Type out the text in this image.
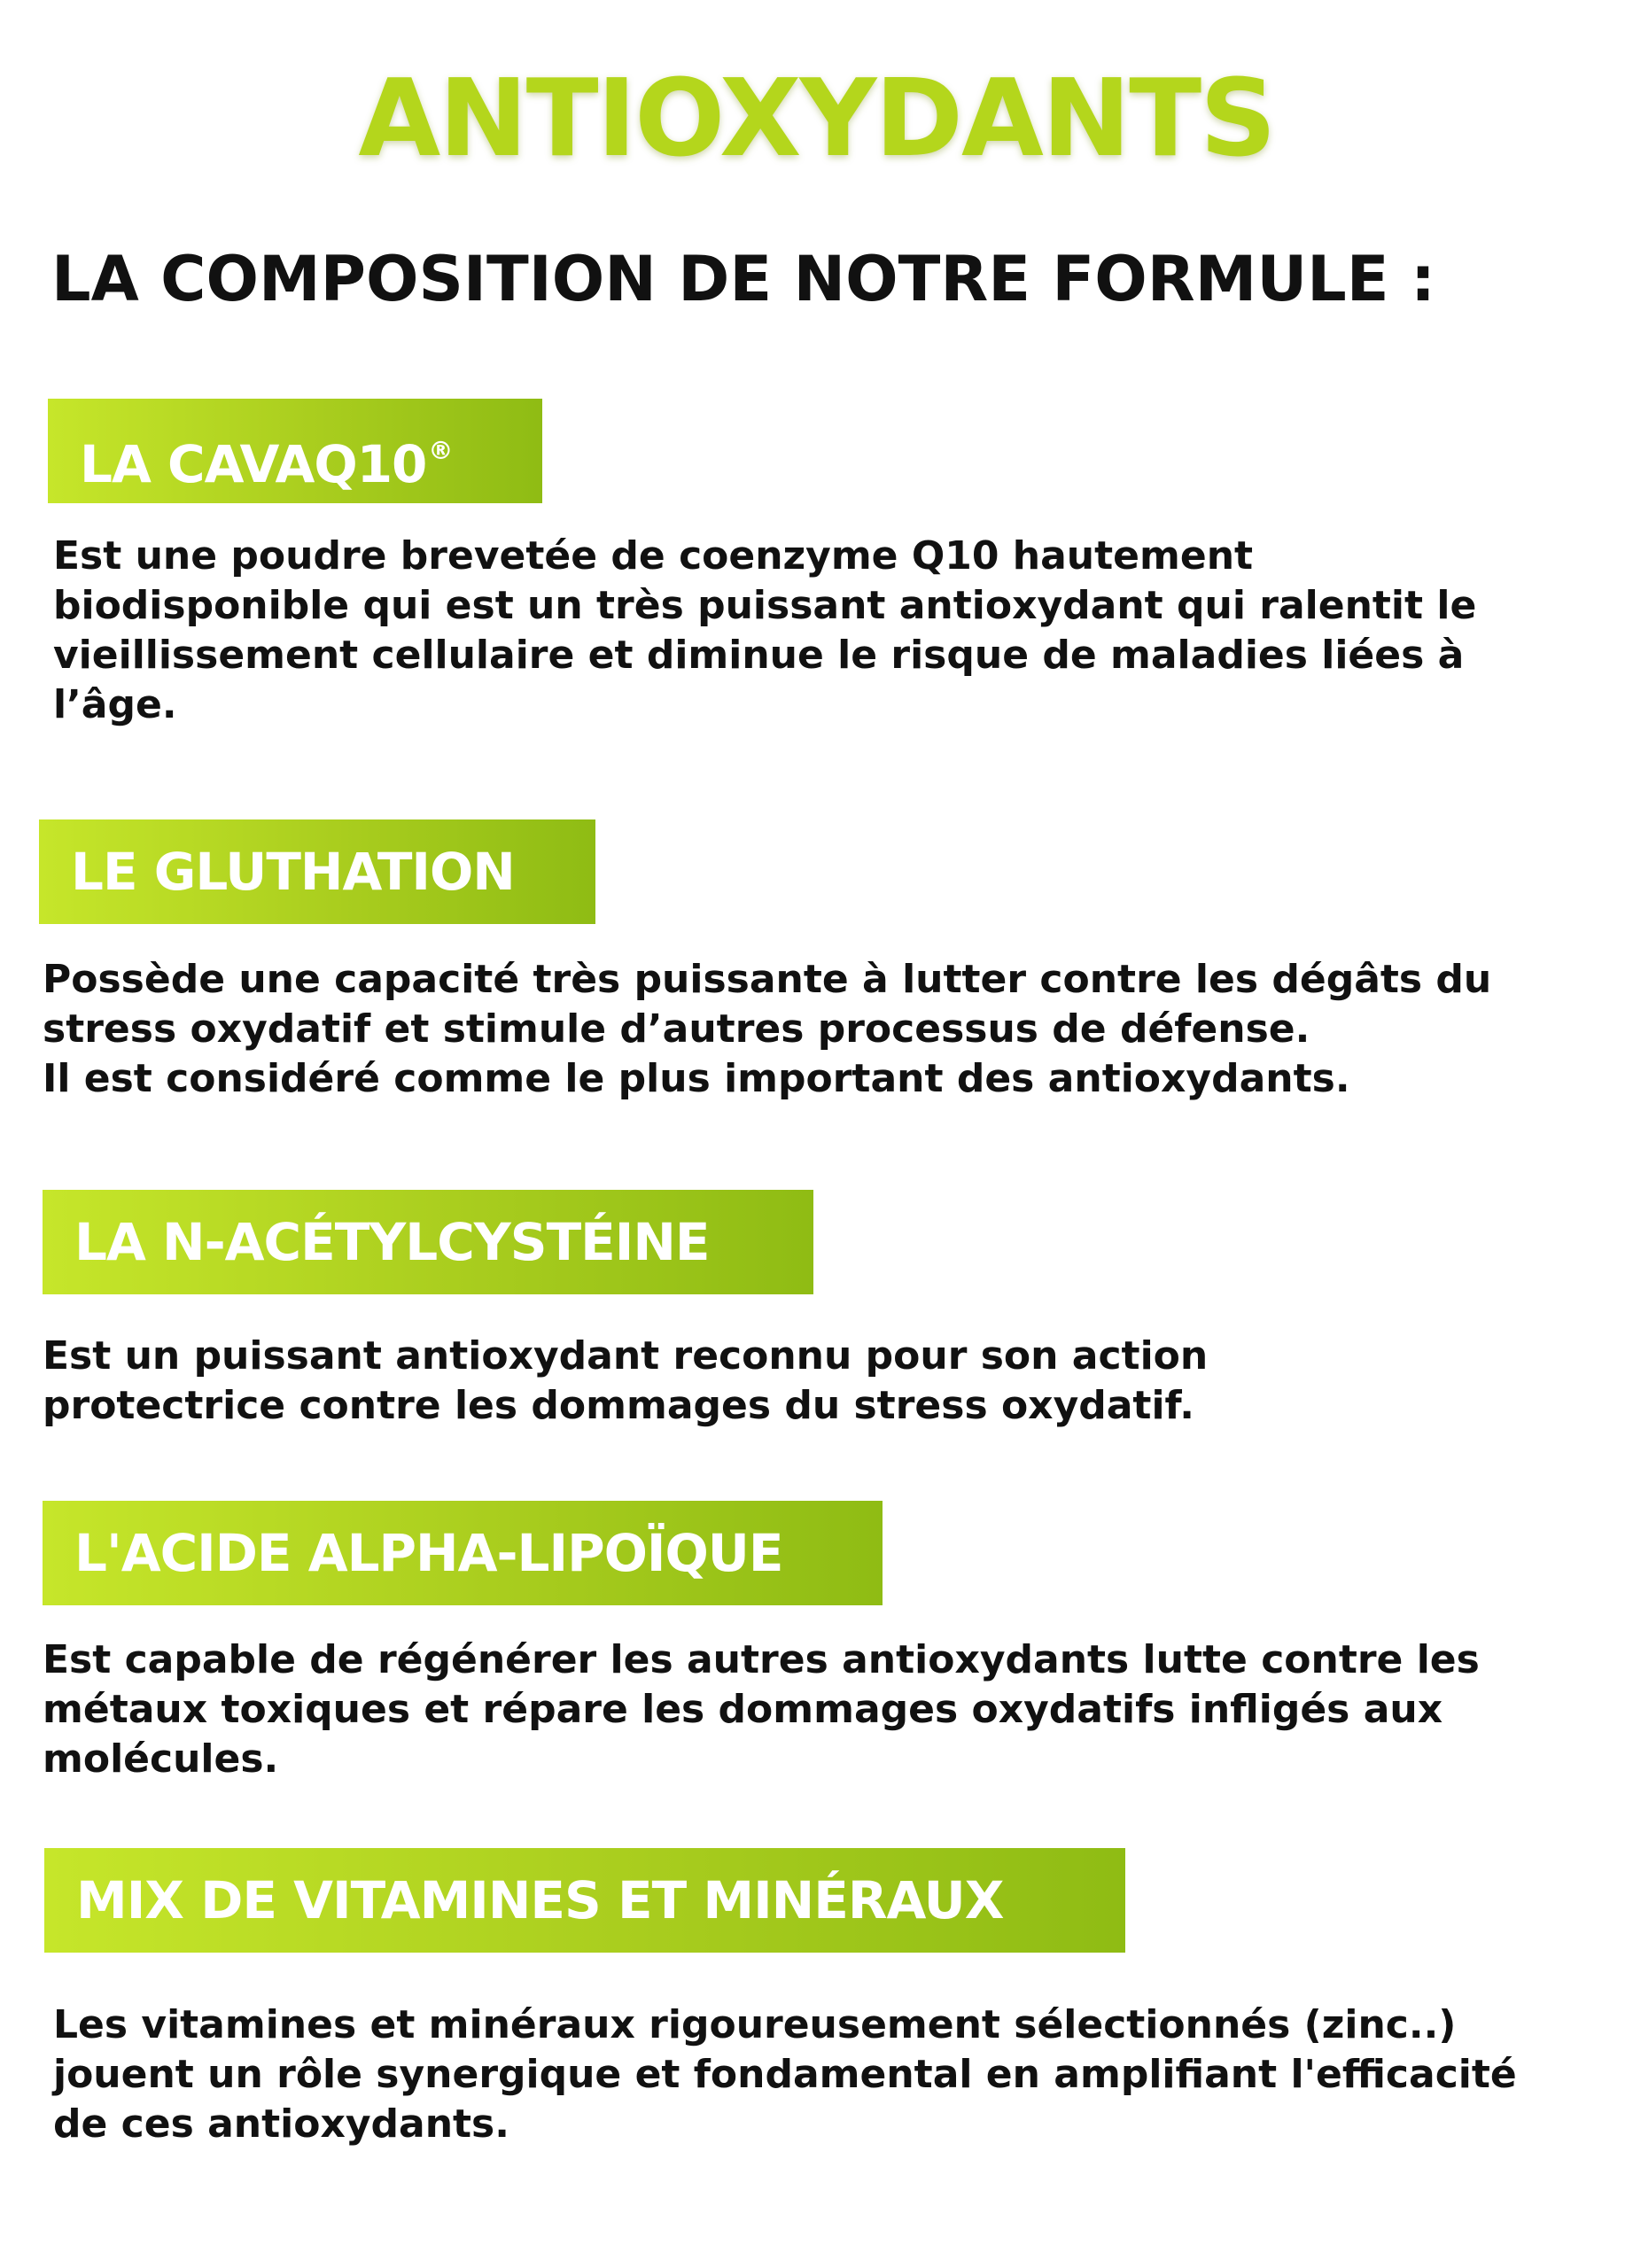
ANTIOXYDANTS
LA COMPOSITION DE NOTRE FORMULE :
LA CAVAQ10®
Est une poudre brevetée de coenzyme Q10 hautement
biodisponible qui est un très puissant antioxydant qui ralentit le
vieillissement cellulaire et diminue le risque de maladies liées à
l’âge.
LE GLUTHATION
Possède une capacité très puissante à lutter contre les dégâts du
stress oxydatif et stimule d’autres processus de défense.
Il est considéré comme le plus important des antioxydants.
LA N-ACÉTYLCYSTÉINE
Est un puissant antioxydant reconnu pour son action
protectrice contre les dommages du stress oxydatif.
L'ACIDE ALPHA-LIPOÏQUE
Est capable de régénérer les autres antioxydants lutte contre les
métaux toxiques et répare les dommages oxydatifs infligés aux
molécules.
MIX DE VITAMINES ET MINÉRAUX
Les vitamines et minéraux rigoureusement sélectionnés (zinc..)
jouent un rôle synergique et fondamental en amplifiant l'efficacité
de ces antioxydants.
